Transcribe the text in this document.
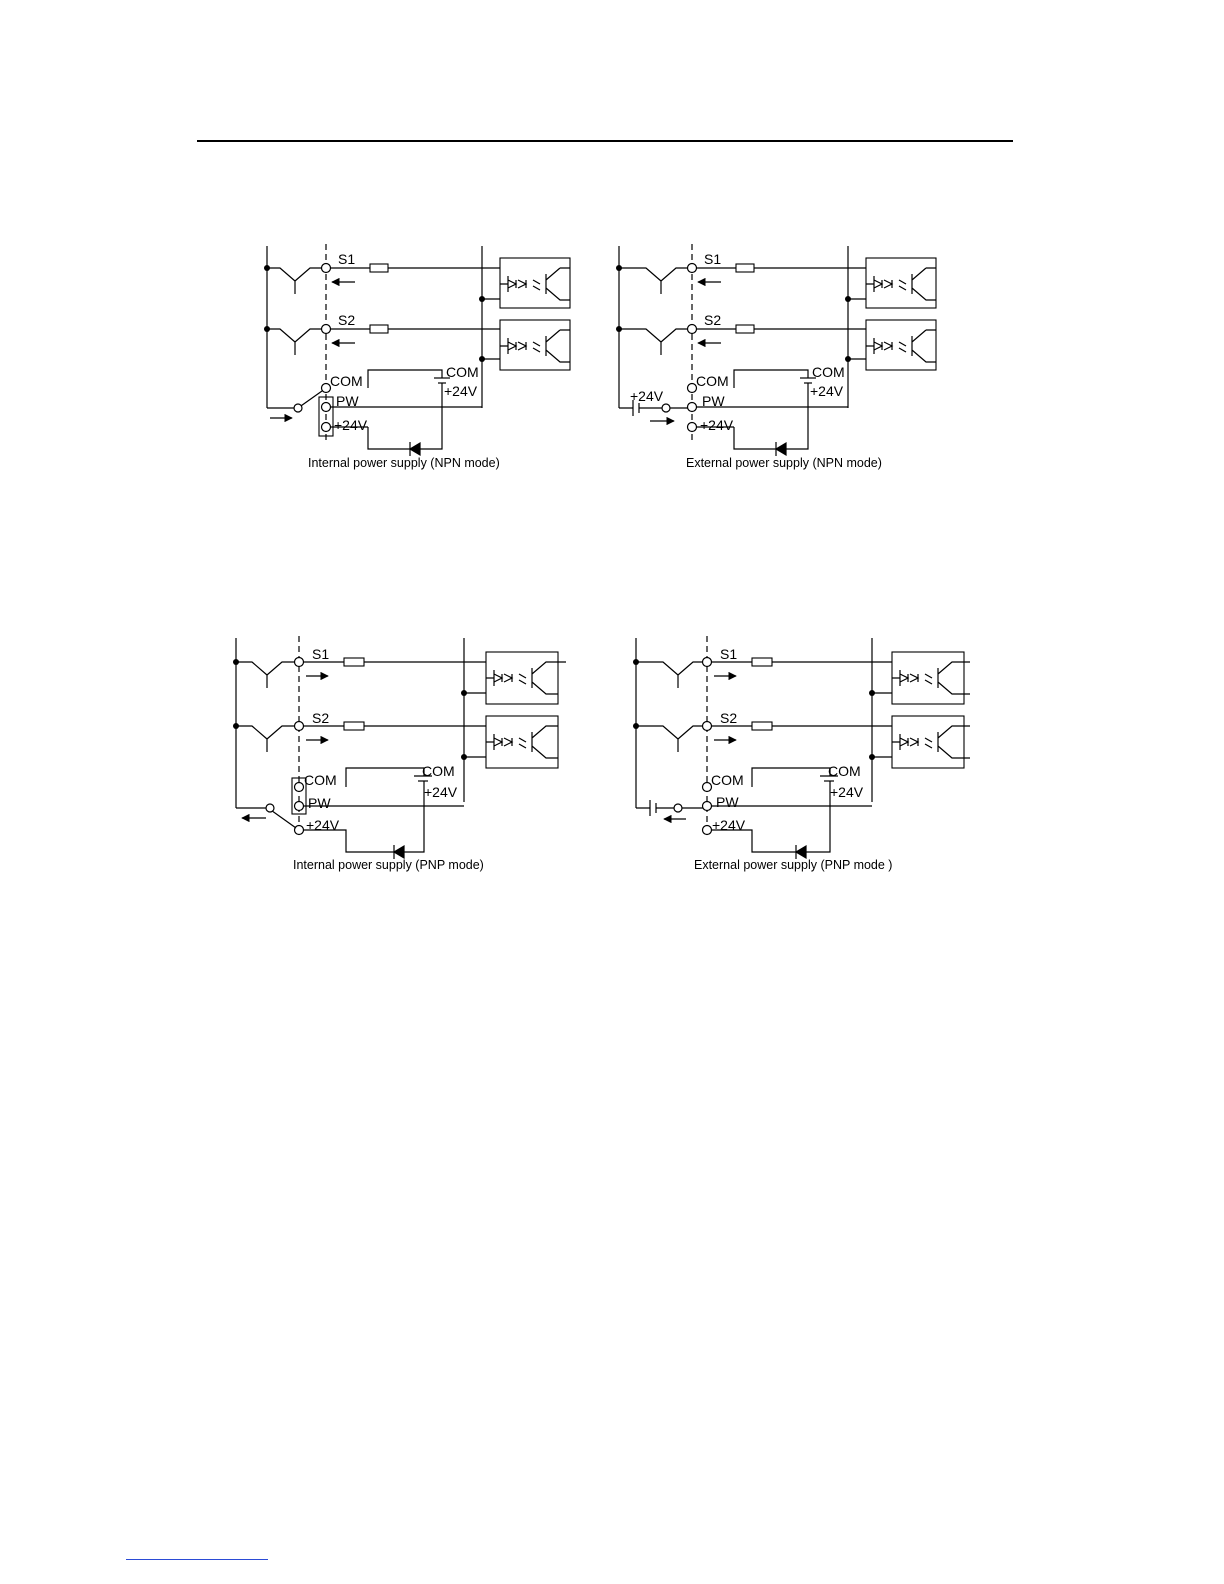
S1
S2
COM
COM
+24V
PW
+24V
Internal power supply (NPN mode)
S1
S2
COM
COM
+24V
PW
+24V
+24V
External power supply (NPN mode)
S1
S2
COM
PW
COM
+24V
+24V
Internal power supply (PNP mode)
S1
S2
COM
COM
+24V
PW
+24V
External power supply (PNP mode )
